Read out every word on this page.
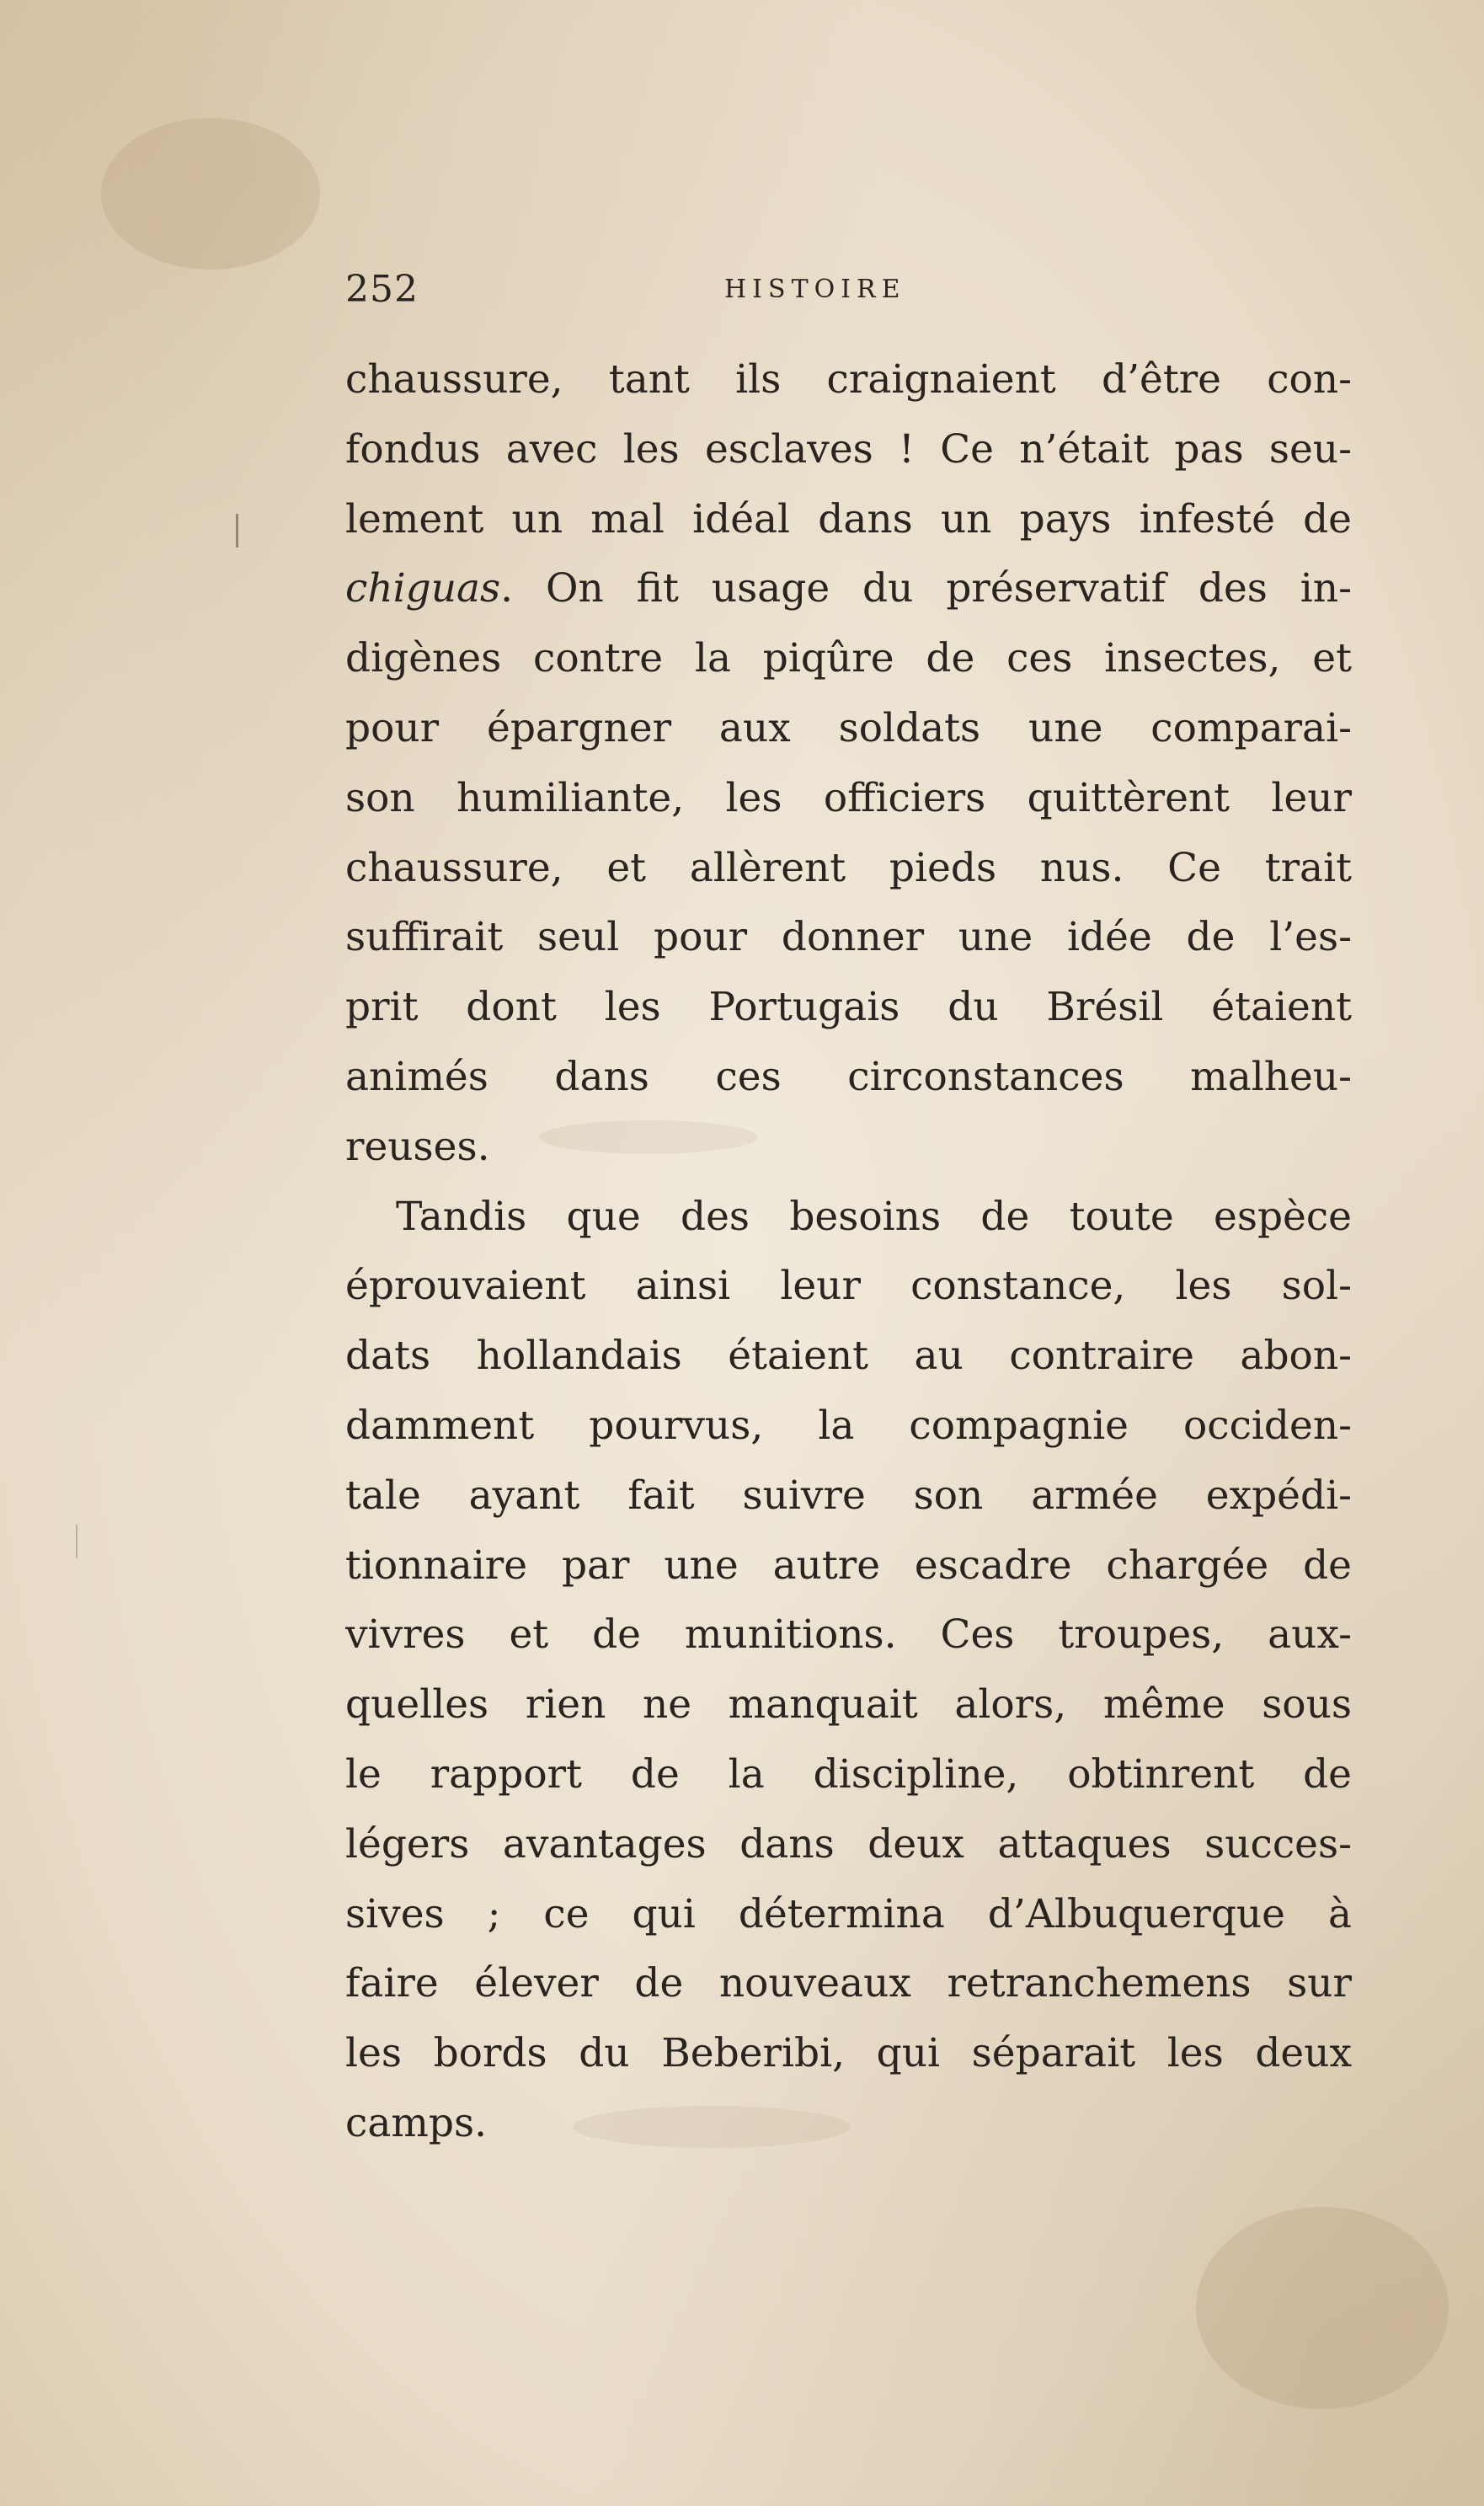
252	HISTOIRE
chaussure, tant ils craignaient d’être con-
fondus avec les esclaves ! Ce n’était pas seu-
lement un mal idéal dans un pays infesté de
chiguas. On fit usage du préservatif des in-
digènes contre la piqûre de ces insectes, et
pour épargner aux soldats une comparai-
son humiliante, les officiers quittèrent leur
chaussure, et allèrent pieds nus. Ce trait
suffirait seul pour donner une idée de l’es-
prit dont les Portugais du Brésil étaient
animés dans ces circonstances malheu-
reuses.
Tandis que des besoins de toute espèce
éprouvaient ainsi leur constance, les sol-
dats hollandais étaient au contraire abon-
damment pourvus, la compagnie occiden-
tale ayant fait suivre son armée expédi-
tionnaire par une autre escadre chargée de
vivres et de munitions. Ces troupes, aux-
quelles rien ne manquait alors, même sous
le rapport de la discipline, obtinrent de
légers avantages dans deux attaques succes-
sives ; ce qui détermina d’Albuquerque à
faire élever de nouveaux retranchemens sur
les bords du Beberibi, qui séparait les deux
camps.
